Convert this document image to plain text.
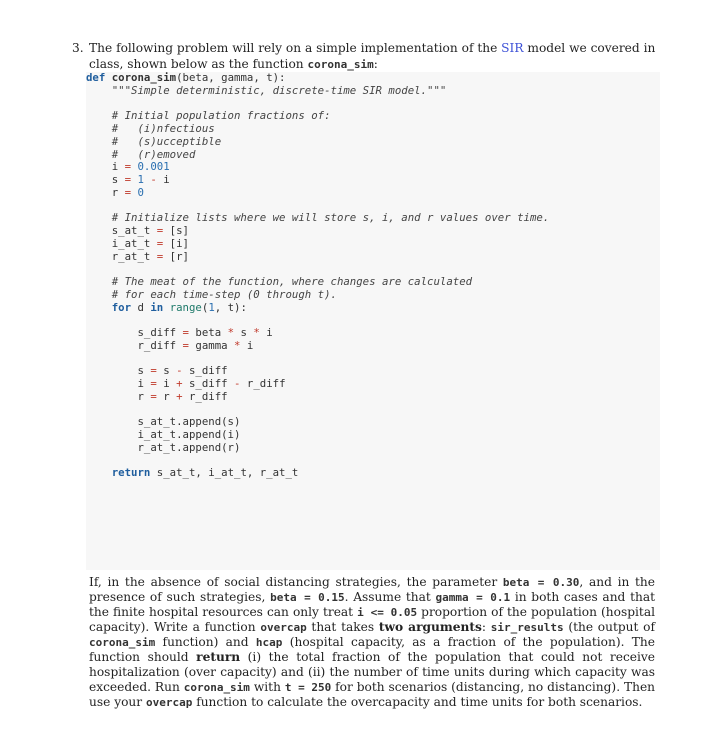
3. The following problem will rely on a simple implementation of the SIR model we covered in class, shown below as the function corona_sim:
def corona_sim(beta, gamma, t):
"""Simple deterministic, discrete-time SIR model."""

# Initial population fractions of:
#   (i)nfectious
#   (s)ucceptible
#   (r)emoved
i = 0.001
s = 1 - i
r = 0

# Initialize lists where we will store s, i, and r values over time.
s_at_t = [s]
i_at_t = [i]
r_at_t = [r]

# The meat of the function, where changes are calculated
# for each time-step (0 through t).
for d in range(1, t):

s_diff = beta * s * i
r_diff = gamma * i

s = s - s_diff
i = i + s_diff - r_diff
r = r + r_diff

s_at_t.append(s)
i_at_t.append(i)
r_at_t.append(r)

return s_at_t, i_at_t, r_at_t
If, in the absence of social distancing strategies, the parameter beta = 0.30, and in the presence of such strategies, beta = 0.15. Assume that gamma = 0.1 in both cases and that the finite hospital resources can only treat i <= 0.05 proportion of the population (hospital capacity). Write a function overcap that takes two arguments: sir_results (the output of corona_sim function) and hcap (hospital capacity, as a fraction of the population). The function should return (i) the total fraction of the population that could not receive hospitalization (over capacity) and (ii) the number of time units during which capacity was exceeded. Run corona_sim with t = 250 for both scenarios (distancing, no distancing). Then use your overcap function to calculate the overcapacity and time units for both scenarios.
